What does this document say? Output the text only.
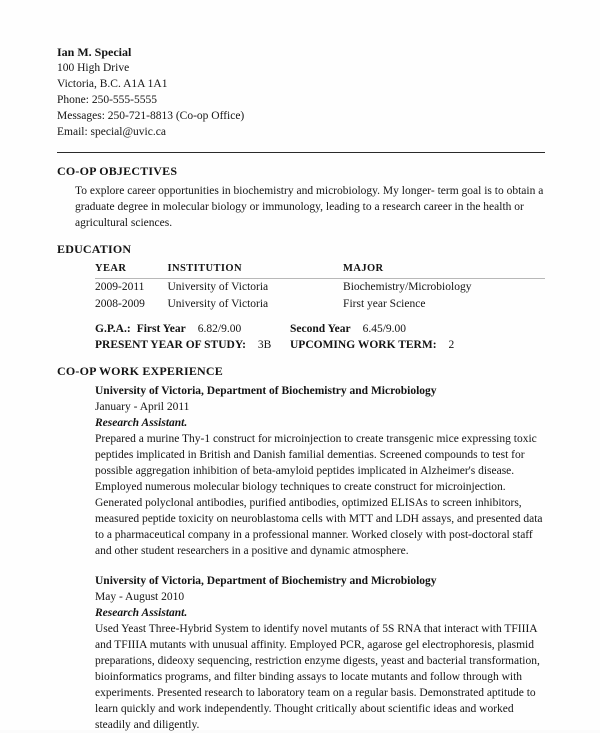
Ian M. Special
100 High Drive
Victoria, B.C. A1A 1A1
Phone: 250-555-5555
Messages: 250-721-8813 (Co-op Office)
Email: special@uvic.ca
CO-OP OBJECTIVES

To explore career opportunities in biochemistry and microbiology. My longer- term goal is to obtain a graduate degree in molecular biology or immunology, leading to a research career in the health or agricultural sciences.

EDUCATION
YEAR	INSTITUTION	MAJOR
2009-2011	University of Victoria	Biochemistry/Microbiology
2008-2009	University of Victoria	First year Science
G.P.A.: First Year 6.82/9.00	Second Year 6.45/9.00
PRESENT YEAR OF STUDY: 3B UPCOMING WORK TERM: 2
CO-OP WORK EXPERIENCE
University of Victoria, Department of Biochemistry and Microbiology
January - April 2011
Research Assistant.

Prepared a murine Thy-1 construct for microinjection to create transgenic mice expressing toxic peptides implicated in British and Danish familial dementias. Screened compounds to test for possible aggregation inhibition of beta-amyloid peptides implicated in Alzheimer's disease. Employed numerous molecular biology techniques to create construct for microinjection. Generated polyclonal antibodies, purified antibodies, optimized ELISAs to screen inhibitors, measured peptide toxicity on neuroblastoma cells with MTT and LDH assays, and presented data to a pharmaceutical company in a professional manner. Worked closely with post-doctoral staff and other student researchers in a positive and dynamic atmosphere.

University of Victoria, Department of Biochemistry and Microbiology
May - August 2010
Research Assistant.

Used Yeast Three-Hybrid System to identify novel mutants of 5S RNA that interact with TFIIIA and TFIIIA mutants with unusual affinity. Employed PCR, agarose gel electrophoresis, plasmid preparations, dideoxy sequencing, restriction enzyme digests, yeast and bacterial transformation, bioinformatics programs, and filter binding assays to locate mutants and follow through with experiments. Presented research to laboratory team on a regular basis. Demonstrated aptitude to learn quickly and work independently. Thought critically about scientific ideas and worked steadily and diligently.
